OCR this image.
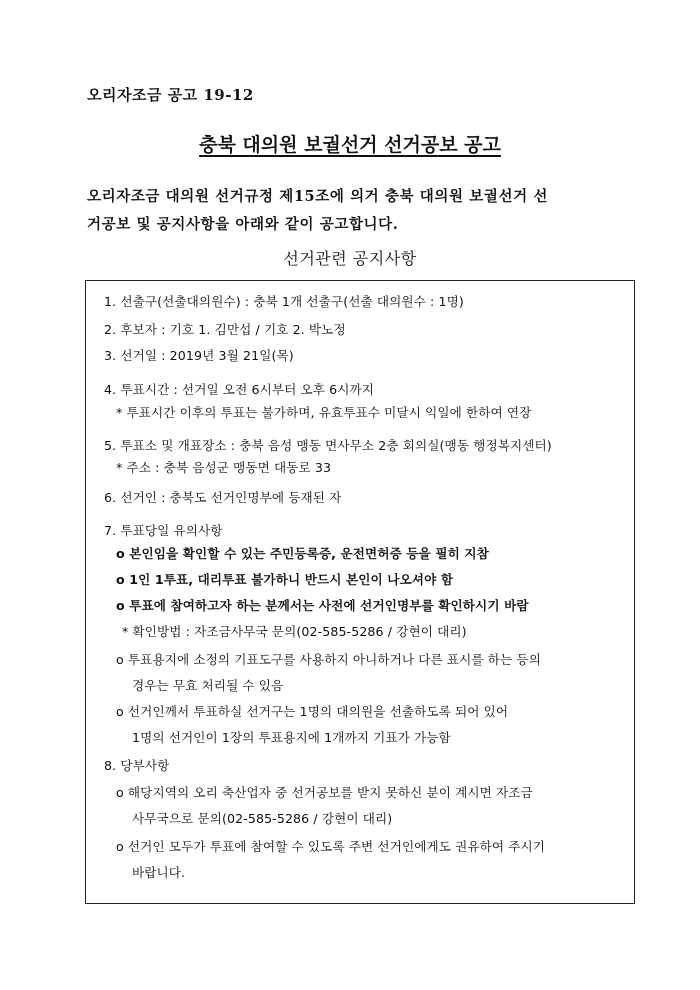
오리자조금 공고 19-12
충북 대의원 보궐선거 선거공보 공고
오리자조금 대의원 선거규정 제15조에 의거 충북 대의원 보궐선거 선
거공보 및 공지사항을 아래와 같이 공고합니다.
선거관련 공지사항
1. 선출구(선출대의원수) : 충북 1개 선출구(선출 대의원수 : 1명)
2. 후보자 : 기호 1. 김만섭 / 기호 2. 박노정
3. 선거일 : 2019년 3월 21일(목)
4. 투표시간 : 선거일 오전 6시부터 오후 6시까지
* 투표시간 이후의 투표는 불가하며, 유효투표수 미달시 익일에 한하여 연장
5. 투표소 및 개표장소 : 충북 음성 맹동 면사무소 2층 회의실(맹동 행정복지센터)
* 주소 : 충북 음성군 맹동면 대동로 33
6. 선거인 : 충북도 선거인명부에 등재된 자
7. 투표당일 유의사항
o 본인임을 확인할 수 있는 주민등록증, 운전면허증 등을 필히 지참
o 1인 1투표, 대리투표 불가하니 반드시 본인이 나오셔야 함
o 투표에 참여하고자 하는 분께서는 사전에 선거인명부를 확인하시기 바람
* 확인방법 : 자조금사무국 문의(02-585-5286 / 강현이 대리)
o 투표용지에 소정의 기표도구를 사용하지 아니하거나 다른 표시를 하는 등의
경우는 무효 처리될 수 있음
o 선거인께서 투표하실 선거구는 1명의 대의원을 선출하도록 되어 있어
1명의 선거인이 1장의 투표용지에 1개까지 기표가 가능함
8. 당부사항
o 해당지역의 오리 축산업자 중 선거공보를 받지 못하신 분이 계시면 자조금
사무국으로 문의(02-585-5286 / 강현이 대리)
o 선거인 모두가 투표에 참여할 수 있도록 주변 선거인에게도 권유하여 주시기
바랍니다.
